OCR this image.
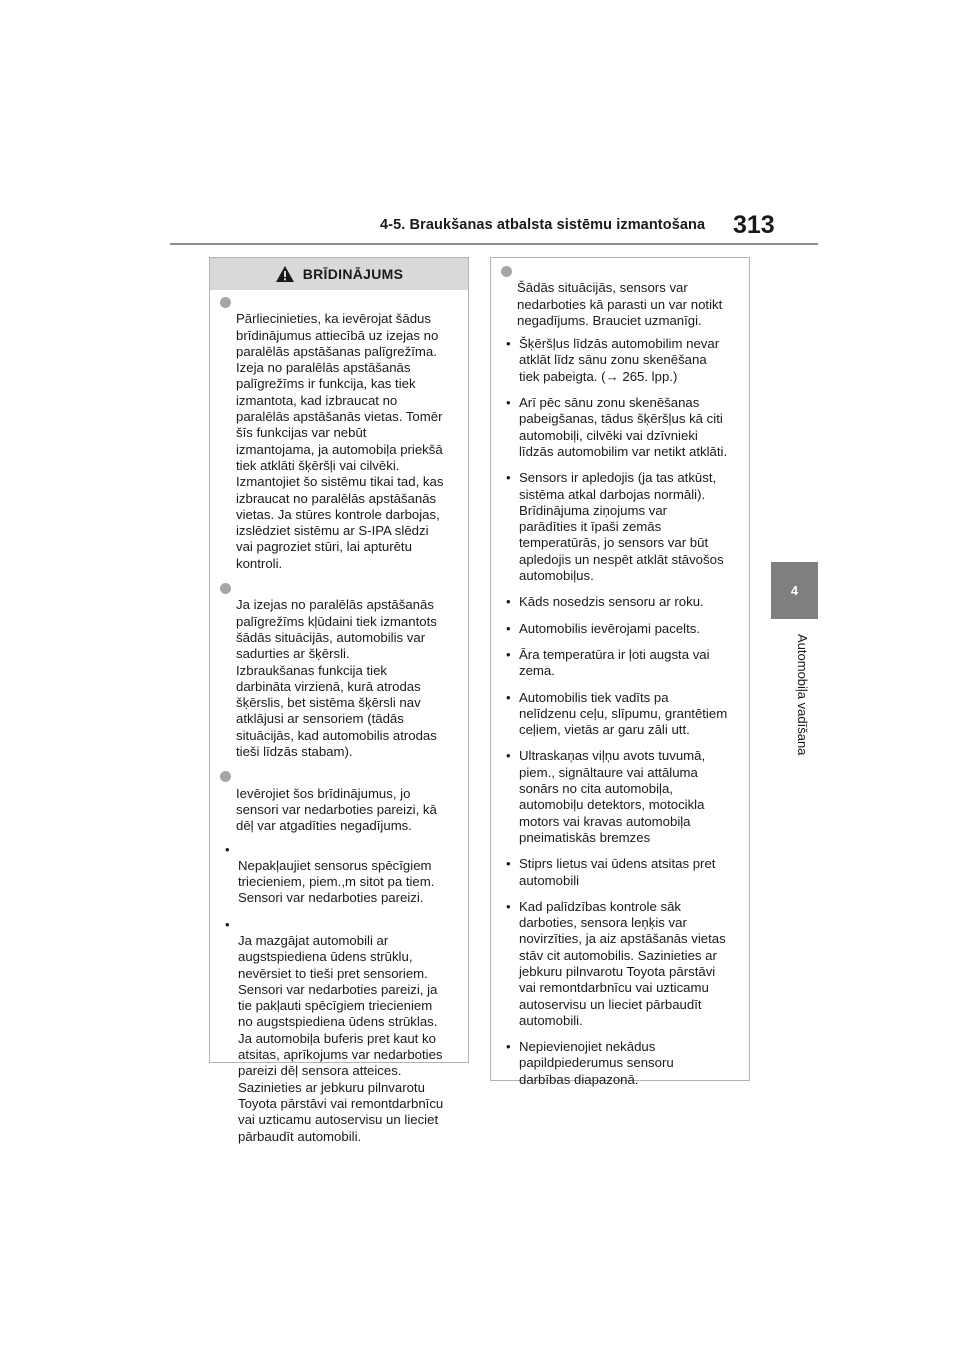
4-5. Braukšanas atbalsta sistēmu izmantošana 313
4
Automobiļa vadīšana
BRĪDINĀJUMS

Pārliecinieties, ka ievērojat šādus
brīdinājumus attiecībā uz izejas no
paralēlās apstāšanas palīgrežīma.
Izeja no paralēlās apstāšanās
palīgrežīms ir funkcija, kas tiek
izmantota, kad izbraucat no
paralēlās apstāšanās vietas. Tomēr
šīs funkcijas var nebūt
izmantojama, ja automobiļa priekšā
tiek atklāti šķēršļi vai cilvēki.
Izmantojiet šo sistēmu tikai tad, kas
izbraucat no paralēlās apstāšanās
vietas. Ja stūres kontrole darbojas,
izslēdziet sistēmu ar S-IPA slēdzi
vai pagroziet stūri, lai apturētu
kontroli.

Ja izejas no paralēlās apstāšanās
palīgrežīms kļūdaini tiek izmantots
šādās situācijās, automobilis var
sadurties ar šķērsli.
Izbraukšanas funkcija tiek
darbināta virzienā, kurā atrodas
šķērslis, bet sistēma šķērsli nav
atklājusi ar sensoriem (tādās
situācijās, kad automobilis atrodas
tieši līdzās stabam).

Ievērojiet šos brīdinājumus, jo
sensori var nedarboties pareizi, kā
dēļ var atgadīties negadījums.

•
Nepakļaujiet sensorus spēcīgiem
triecieniem, piem.,m sitot pa tiem.
Sensori var nedarboties pareizi.

•
Ja mazgājat automobili ar
augstspiediena ūdens strūklu,
nevērsiet to tieši pret sensoriem.
Sensori var nedarboties pareizi, ja
tie pakļauti spēcīgiem triecieniem
no augstspiediena ūdens strūklas.
Ja automobiļa buferis pret kaut ko
atsitas, aprīkojums var nedarboties
pareizi dēļ sensora atteices.
Sazinieties ar jebkuru pilnvarotu
Toyota pārstāvi vai remontdarbnīcu
vai uzticamu autoservisu un lieciet
pārbaudīt automobili.

Šādās situācijās, sensors var
nedarboties kā parasti un var notikt
negadījums. Brauciet uzmanīgi.

• Šķēršļus līdzās automobilim nevar
atklāt līdz sānu zonu skenēšana
tiek pabeigta. (→ 265. lpp.)
• Arī pēc sānu zonu skenēšanas
pabeigšanas, tādus šķēršļus kā citi
automobiļi, cilvēki vai dzīvnieki
līdzās automobilim var netikt atklāti.
• Sensors ir apledojis (ja tas atkūst,
sistēma atkal darbojas normāli).
Brīdinājuma ziņojums var
parādīties it īpaši zemās
temperatūrās, jo sensors var būt
apledojis un nespēt atklāt stāvošos
automobiļus.
• Kāds nosedzis sensoru ar roku.
• Automobilis ievērojami pacelts.
• Āra temperatūra ir ļoti augsta vai
zema.
• Automobilis tiek vadīts pa
nelīdzenu ceļu, slīpumu, grantētiem
ceļiem, vietās ar garu zāli utt.
• Ultraskaņas viļņu avots tuvumā,
piem., signāltaure vai attāluma
sonārs no cita automobiļa,
automobiļu detektors, motocikla
motors vai kravas automobiļa
pneimatiskās bremzes
• Stiprs lietus vai ūdens atsitas pret
automobili
• Kad palīdzības kontrole sāk
darboties, sensora leņķis var
novirzīties, ja aiz apstāšanās vietas
stāv cit automobilis. Sazinieties ar
jebkuru pilnvarotu Toyota pārstāvi
vai remontdarbnīcu vai uzticamu
autoservisu un lieciet pārbaudīt
automobili.
• Nepievienojiet nekādus
papildpiederumus sensoru
darbības diapazonā.
